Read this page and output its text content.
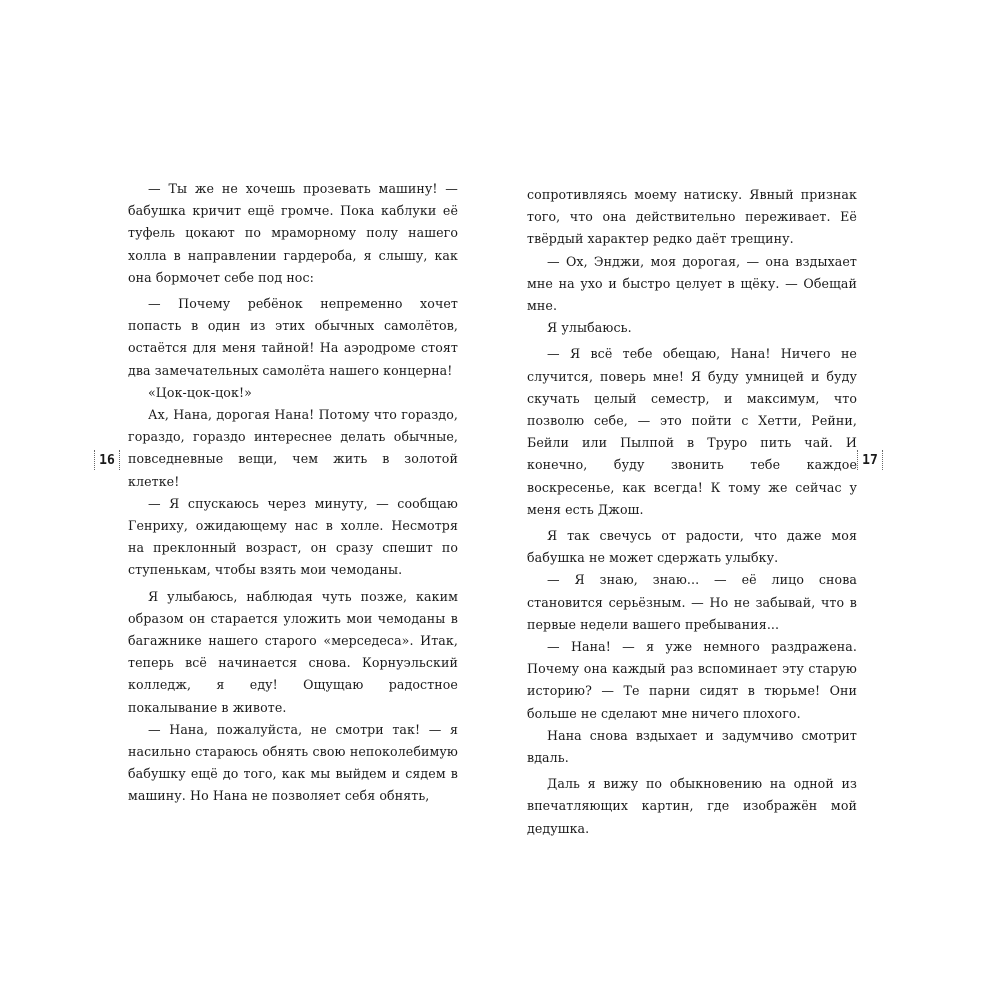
— Ты же не хочешь прозевать машину! — бабушка кричит ещё громче. Пока каблуки её туфель цокают по мраморному полу нашего холла в направлении гардероба, я слышу, как она бормочет себе под нос:

— Почему ребёнок непременно хочет попасть в один из этих обычных самолётов, остаётся для меня тайной! На аэродроме стоят два замечательных самолёта нашего концерна!

«Цок-цок-цок!»

Ах, Нана, дорогая Нана! Потому что гораздо, гораздо, гораздо интереснее делать обычные, повседневные вещи, чем жить в золотой клетке!

— Я спускаюсь через минуту, — сообщаю Генриху, ожидающему нас в холле. Несмотря на преклонный возраст, он сразу спешит по ступенькам, чтобы взять мои чемоданы.

Я улыбаюсь, наблюдая чуть позже, каким образом он старается уложить мои чемоданы в багажнике нашего старого «мерседеса». Итак, теперь всё начинается снова. Корнуэльский колледж, я еду! Ощущаю радостное покалывание в животе.

— Нана, пожалуйста, не смотри так! — я насильно стараюсь обнять свою непоколебимую бабушку ещё до того, как мы выйдем и сядем в машину. Но Нана не позволяет себя обнять,

16

сопротивляясь моему натиску. Явный признак того, что она действительно переживает. Её твёрдый характер редко даёт трещину.

— Ох, Энджи, моя дорогая, — она вздыхает мне на ухо и быстро целует в щёку. — Обещай мне.

Я улыбаюсь.

— Я всё тебе обещаю, Нана! Ничего не случится, поверь мне! Я буду умницей и буду скучать целый семестр, и максимум, что позволю себе, — это пойти с Хетти, Рейни, Бейли или Пылпой в Труро пить чай. И конечно, буду звонить тебе каждое воскресенье, как всегда! К тому же сейчас у меня есть Джош.

Я так свечусь от радости, что даже моя бабушка не может сдержать улыбку.

— Я знаю, знаю... — её лицо снова становится серьёзным. — Но не забывай, что в первые недели вашего пребывания...

— Нана! — я уже немного раздражена. Почему она каждый раз вспоминает эту старую историю? — Те парни сидят в тюрьме! Они больше не сделают мне ничего плохого.

Нана снова вздыхает и задумчиво смотрит вдаль.

Даль я вижу по обыкновению на одной из впечатляющих картин, где изображён мой дедушка.

17
